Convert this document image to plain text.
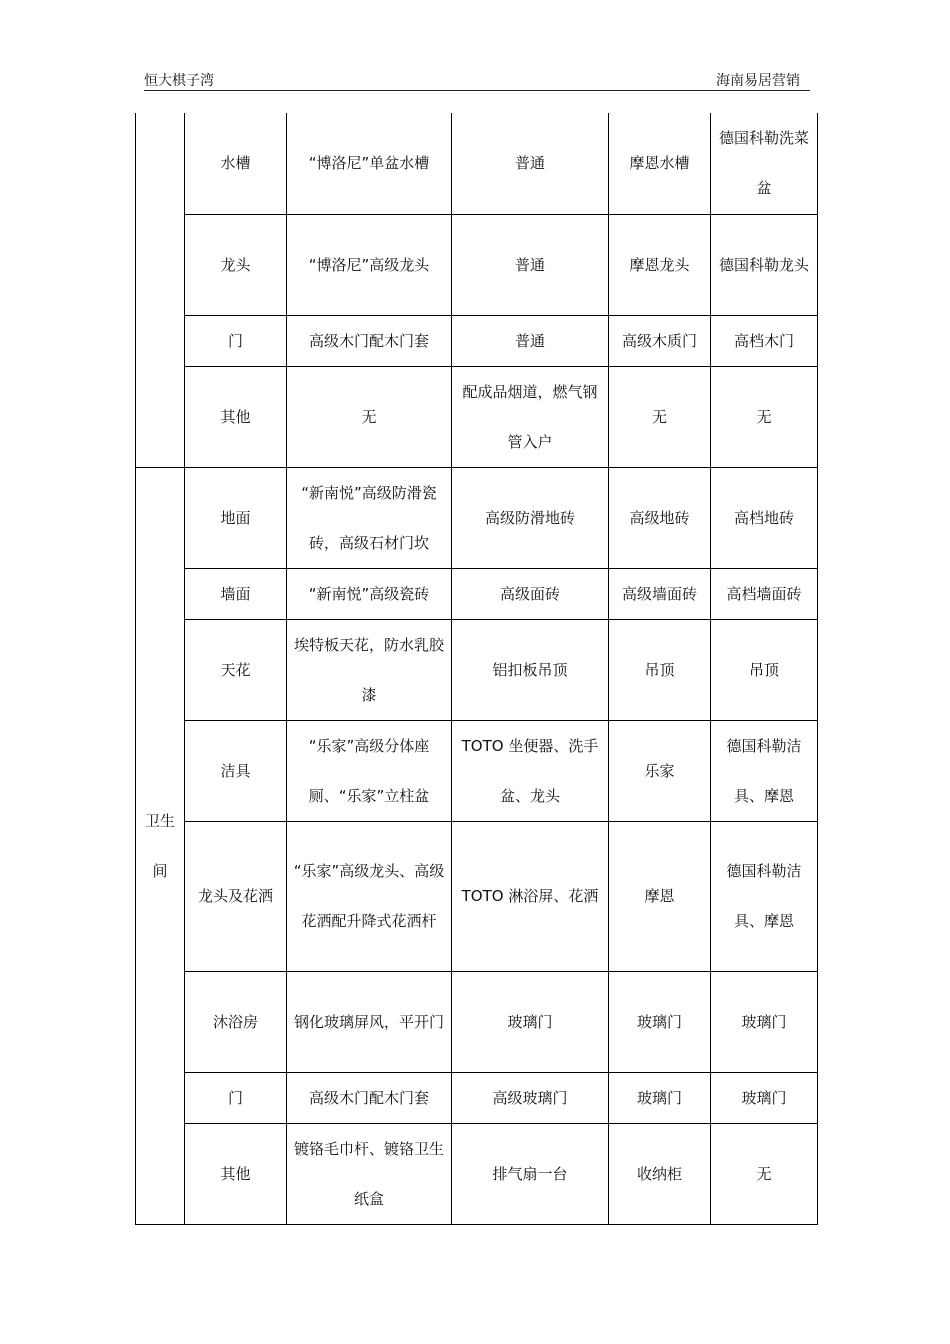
恒大棋子湾	海南易居营销
	水槽	“博洛尼”单盆水槽	普通	摩恩水槽	德国科勒洗菜盆
	龙头	“博洛尼”高级龙头	普通	摩恩龙头	德国科勒龙头
	门	高级木门配木门套	普通	高级木质门	高档木门
	其他	无	配成品烟道，燃气钢管入户	无	无
卫生间	地面	“新南悦”高级防滑瓷砖，高级石材门坎	高级防滑地砖	高级地砖	高档地砖
	墙面	“新南悦”高级瓷砖	高级面砖	高级墙面砖	高档墙面砖
	天花	埃特板天花，防水乳胶漆	铝扣板吊顶	吊顶	吊顶
	洁具	“乐家”高级分体座厕、“乐家”立柱盆	TOTO 坐便器、洗手盆、龙头	乐家	德国科勒洁具、摩恩
	龙头及花洒	“乐家”高级龙头、高级花洒配升降式花洒杆	TOTO 淋浴屏、花洒	摩恩	德国科勒洁具、摩恩
	沐浴房	钢化玻璃屏风，平开门	玻璃门	玻璃门	玻璃门
	门	高级木门配木门套	高级玻璃门	玻璃门	玻璃门
	其他	镀铬毛巾杆、镀铬卫生纸盒	排气扇一台	收纳柜	无
